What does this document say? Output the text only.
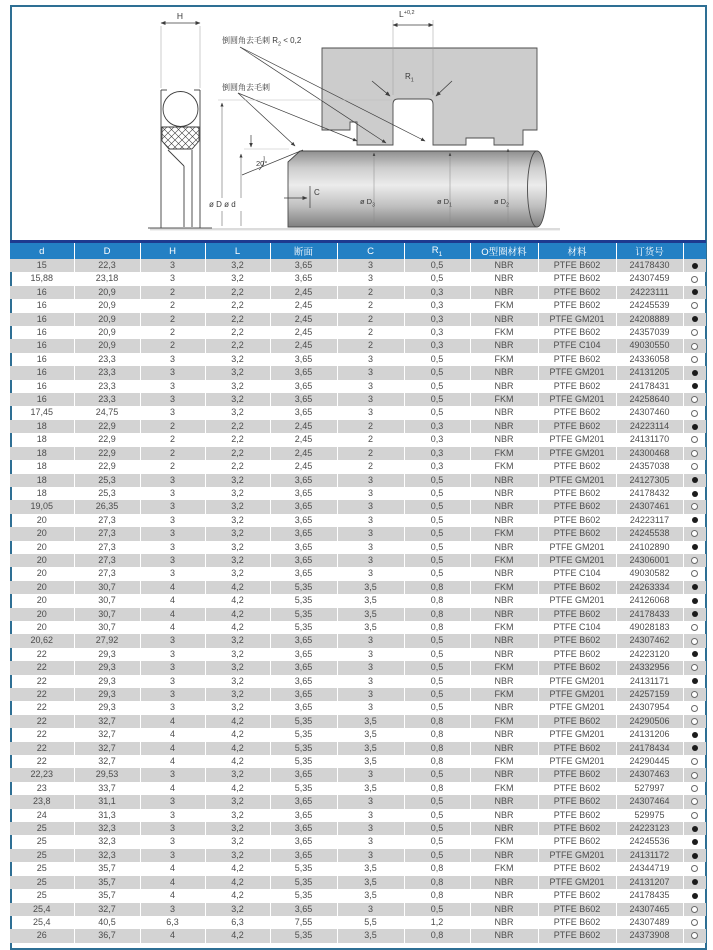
H	$L^{+0,2}$
$R_1$
倒圆角去毛刺 $R_2 < 0,2$
倒圆角去毛刺
20°
C
ø D ø d	ø $D_3$	ø $D_1$	ø $D_2$
d	D	H	L	断面	C	$R_1$	O型圈材料	材料	订货号	
15	22,3	3	3,2	3,65	3	0,5	NBR	PTFE B602	24178430	
15,88	23,18	3	3,2	3,65	3	0,5	NBR	PTFE B602	24307459	
16	20,9	2	2,2	2,45	2	0,3	NBR	PTFE B602	24223111	
16	20,9	2	2,2	2,45	2	0,3	FKM	PTFE B602	24245539	
16	20,9	2	2,2	2,45	2	0,3	NBR	PTFE GM201	24208889	
16	20,9	2	2,2	2,45	2	0,3	FKM	PTFE B602	24357039	
16	20,9	2	2,2	2,45	2	0,3	NBR	PTFE C104	49030550	
16	23,3	3	3,2	3,65	3	0,5	FKM	PTFE B602	24336058	
16	23,3	3	3,2	3,65	3	0,5	NBR	PTFE GM201	24131205	
16	23,3	3	3,2	3,65	3	0,5	NBR	PTFE B602	24178431	
16	23,3	3	3,2	3,65	3	0,5	FKM	PTFE GM201	24258640	
17,45	24,75	3	3,2	3,65	3	0,5	NBR	PTFE B602	24307460	
18	22,9	2	2,2	2,45	2	0,3	NBR	PTFE B602	24223114	
18	22,9	2	2,2	2,45	2	0,3	NBR	PTFE GM201	24131170	
18	22,9	2	2,2	2,45	2	0,3	FKM	PTFE GM201	24300468	
18	22,9	2	2,2	2,45	2	0,3	FKM	PTFE B602	24357038	
18	25,3	3	3,2	3,65	3	0,5	NBR	PTFE GM201	24127305	
18	25,3	3	3,2	3,65	3	0,5	NBR	PTFE B602	24178432	
19,05	26,35	3	3,2	3,65	3	0,5	NBR	PTFE B602	24307461	
20	27,3	3	3,2	3,65	3	0,5	NBR	PTFE B602	24223117	
20	27,3	3	3,2	3,65	3	0,5	FKM	PTFE B602	24245538	
20	27,3	3	3,2	3,65	3	0,5	NBR	PTFE GM201	24102890	
20	27,3	3	3,2	3,65	3	0,5	FKM	PTFE GM201	24306001	
20	27,3	3	3,2	3,65	3	0,5	NBR	PTFE C104	49030582	
20	30,7	4	4,2	5,35	3,5	0,8	FKM	PTFE B602	24263334	
20	30,7	4	4,2	5,35	3,5	0,8	NBR	PTFE GM201	24126068	
20	30,7	4	4,2	5,35	3,5	0,8	NBR	PTFE B602	24178433	
20	30,7	4	4,2	5,35	3,5	0,8	FKM	PTFE C104	49028183	
20,62	27,92	3	3,2	3,65	3	0,5	NBR	PTFE B602	24307462	
22	29,3	3	3,2	3,65	3	0,5	NBR	PTFE B602	24223120	
22	29,3	3	3,2	3,65	3	0,5	FKM	PTFE B602	24332956	
22	29,3	3	3,2	3,65	3	0,5	NBR	PTFE GM201	24131171	
22	29,3	3	3,2	3,65	3	0,5	FKM	PTFE GM201	24257159	
22	29,3	3	3,2	3,65	3	0,5	NBR	PTFE GM201	24307954	
22	32,7	4	4,2	5,35	3,5	0,8	FKM	PTFE B602	24290506	
22	32,7	4	4,2	5,35	3,5	0,8	NBR	PTFE GM201	24131206	
22	32,7	4	4,2	5,35	3,5	0,8	NBR	PTFE B602	24178434	
22	32,7	4	4,2	5,35	3,5	0,8	FKM	PTFE GM201	24290445	
22,23	29,53	3	3,2	3,65	3	0,5	NBR	PTFE B602	24307463	
23	33,7	4	4,2	5,35	3,5	0,8	FKM	PTFE B602	527997	
23,8	31,1	3	3,2	3,65	3	0,5	NBR	PTFE B602	24307464	
24	31,3	3	3,2	3,65	3	0,5	NBR	PTFE B602	529975	
25	32,3	3	3,2	3,65	3	0,5	NBR	PTFE B602	24223123	
25	32,3	3	3,2	3,65	3	0,5	FKM	PTFE B602	24245536	
25	32,3	3	3,2	3,65	3	0,5	NBR	PTFE GM201	24131172	
25	35,7	4	4,2	5,35	3,5	0,8	FKM	PTFE B602	24344719	
25	35,7	4	4,2	5,35	3,5	0,8	NBR	PTFE GM201	24131207	
25	35,7	4	4,2	5,35	3,5	0,8	NBR	PTFE B602	24178435	
25,4	32,7	3	3,2	3,65	3	0,5	NBR	PTFE B602	24307465	
25,4	40,5	6,3	6,3	7,55	5,5	1,2	NBR	PTFE B602	24307489	
26	36,7	4	4,2	5,35	3,5	0,8	NBR	PTFE B602	24373908	
